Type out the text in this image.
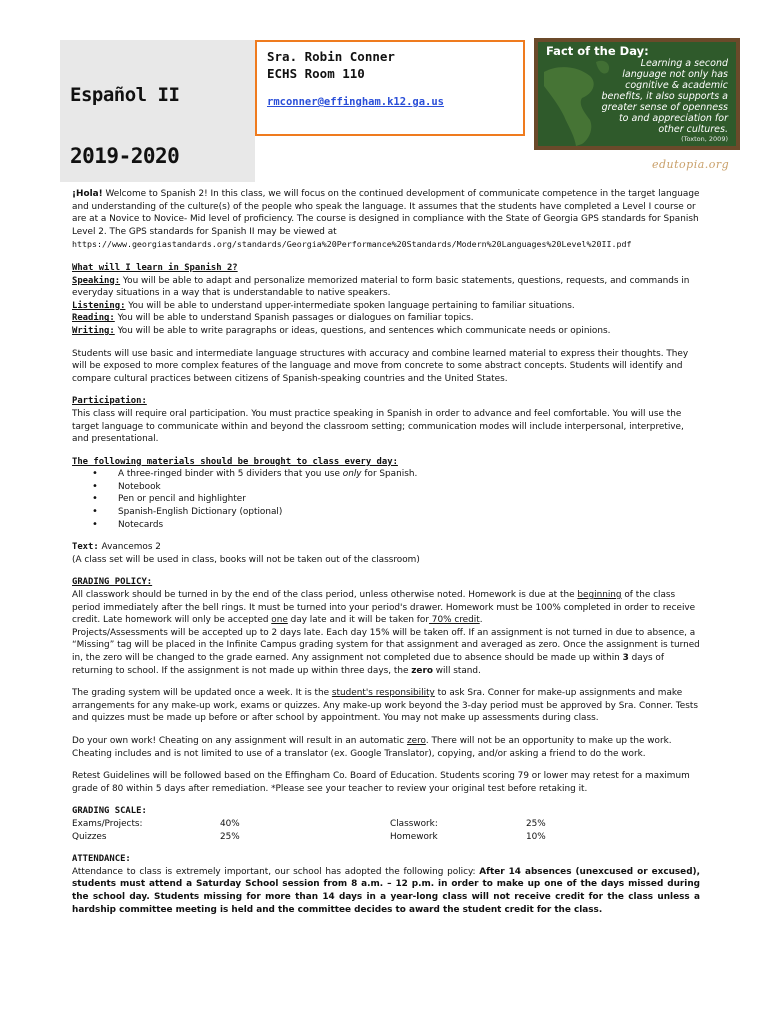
Español II
2019-2020
Sra. Robin Conner
ECHS Room 110
rmconner@effingham.k12.ga.us
Fact of the Day:
Learning a second language not only has cognitive & academic benefits, it also supports a greater sense of openness to and appreciation for other cultures.
(Toxton, 2009)
edutopia.org

¡Hola! Welcome to Spanish 2! In this class, we will focus on the continued development of communicate competence in the target language and understanding of the culture(s) of the people who speak the language. It assumes that the students have completed a Level I course or are at a Novice to Novice- Mid level of proficiency. The course is designed in compliance with the State of Georgia GPS standards for Spanish Level 2. The GPS standards for Spanish II may be viewed at
https://www.georgiastandards.org/standards/Georgia%20Performance%20Standards/Modern%20Languages%20Level%20II.pdf

What will I learn in Spanish 2?
Speaking: You will be able to adapt and personalize memorized material to form basic statements, questions, requests, and commands in everyday situations in a way that is understandable to native speakers.
Listening: You will be able to understand upper-intermediate spoken language pertaining to familiar situations.
Reading: You will be able to understand Spanish passages or dialogues on familiar topics.
Writing: You will be able to write paragraphs or ideas, questions, and sentences which communicate needs or opinions.

Students will use basic and intermediate language structures with accuracy and combine learned material to express their thoughts. They will be exposed to more complex features of the language and move from concrete to some abstract concepts. Students will identify and compare cultural practices between citizens of Spanish-speaking countries and the United States.

Participation:
This class will require oral participation. You must practice speaking in Spanish in order to advance and feel comfortable. You will use the target language to communicate within and beyond the classroom setting; communication modes will include interpersonal, interpretive, and presentational.

The following materials should be brought to class every day:
• A three-ringed binder with 5 dividers that you use only for Spanish.
• Notebook
• Pen or pencil and highlighter
• Spanish-English Dictionary (optional)
• Notecards

Text: Avancemos 2
(A class set will be used in class, books will not be taken out of the classroom)

GRADING POLICY:
All classwork should be turned in by the end of the class period, unless otherwise noted. Homework is due at the beginning of the class period immediately after the bell rings. It must be turned into your period's drawer. Homework must be 100% completed in order to receive credit. Late homework will only be accepted one day late and it will be taken for 70% credit.
Projects/Assessments will be accepted up to 2 days late. Each day 15% will be taken off. If an assignment is not turned in due to absence, a “Missing” tag will be placed in the Infinite Campus grading system for that assignment and averaged as zero. Once the assignment is turned in, the zero will be changed to the grade earned. Any assignment not completed due to absence should be made up within 3 days of returning to school. If the assignment is not made up within three days, the zero will stand.

The grading system will be updated once a week. It is the student's responsibility to ask Sra. Conner for make-up assignments and make arrangements for any make-up work, exams or quizzes. Any make-up work beyond the 3-day period must be approved by Sra. Conner. Tests and quizzes must be made up before or after school by appointment. You may not make up assessments during class.

Do your own work! Cheating on any assignment will result in an automatic zero. There will not be an opportunity to make up the work. Cheating includes and is not limited to use of a translator (ex. Google Translator), copying, and/or asking a friend to do the work.

Retest Guidelines will be followed based on the Effingham Co. Board of Education. Students scoring 79 or lower may retest for a maximum grade of 80 within 5 days after remediation. *Please see your teacher to review your original test before retaking it.

GRADING SCALE:
Exams/Projects:	40%	Classwork:	25%
Quizzes	25%	Homework	10%

ATTENDANCE:
Attendance to class is extremely important, our school has adopted the following policy: After 14 absences (unexcused or excused), students must attend a Saturday School session from 8 a.m. – 12 p.m. in order to make up one of the days missed during the school day. Students missing for more than 14 days in a year-long class will not receive credit for the class unless a hardship committee meeting is held and the committee decides to award the student credit for the class.
